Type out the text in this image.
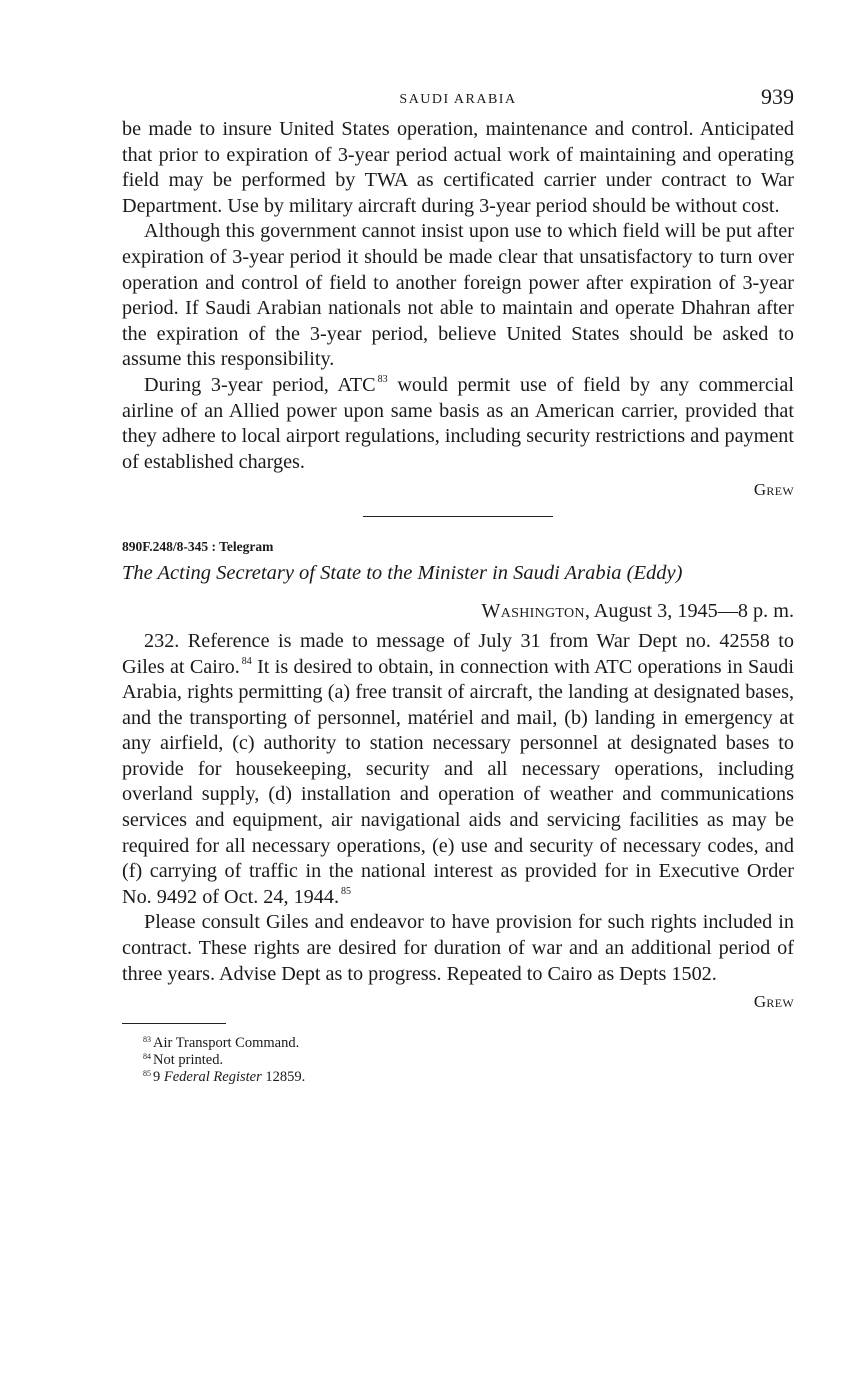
SAUDI ARABIA	939

be made to insure United States operation, maintenance and control. Anticipated that prior to expiration of 3-year period actual work of maintaining and operating field may be performed by TWA as certificated carrier under contract to War Department. Use by military aircraft during 3-year period should be without cost.

Although this government cannot insist upon use to which field will be put after expiration of 3-year period it should be made clear that unsatisfactory to turn over operation and control of field to another foreign power after expiration of 3-year period. If Saudi Arabian nationals not able to maintain and operate Dhahran after the expiration of the 3-year period, believe United States should be asked to assume this responsibility.

During 3-year period, ATC $^{83}$ would permit use of field by any commercial airline of an Allied power upon same basis as an American carrier, provided that they adhere to local airport regulations, including security restrictions and payment of established charges.

Grew
890F.248/8-345 : Telegram
The Acting Secretary of State to the Minister in Saudi Arabia (Eddy)
Washington, August 3, 1945—8 p. m.

232. Reference is made to message of July 31 from War Dept no. 42558 to Giles at Cairo. $^{84}$ It is desired to obtain, in connection with ATC operations in Saudi Arabia, rights permitting (a) free transit of aircraft, the landing at designated bases, and the transporting of personnel, matériel and mail, (b) landing in emergency at any airfield, (c) authority to station necessary personnel at designated bases to provide for housekeeping, security and all necessary operations, including overland supply, (d) installation and operation of weather and communications services and equipment, air navigational aids and servicing facilities as may be required for all necessary operations, (e) use and security of necessary codes, and (f) carrying of traffic in the national interest as provided for in Executive Order No. 9492 of Oct. 24, 1944. $^{85}$

Please consult Giles and endeavor to have provision for such rights included in contract. These rights are desired for duration of war and an additional period of three years. Advise Dept as to progress. Repeated to Cairo as Depts 1502.

Grew
$^{83}$ Air Transport Command.
$^{84}$ Not printed.
$^{85}$ 9 Federal Register 12859.
